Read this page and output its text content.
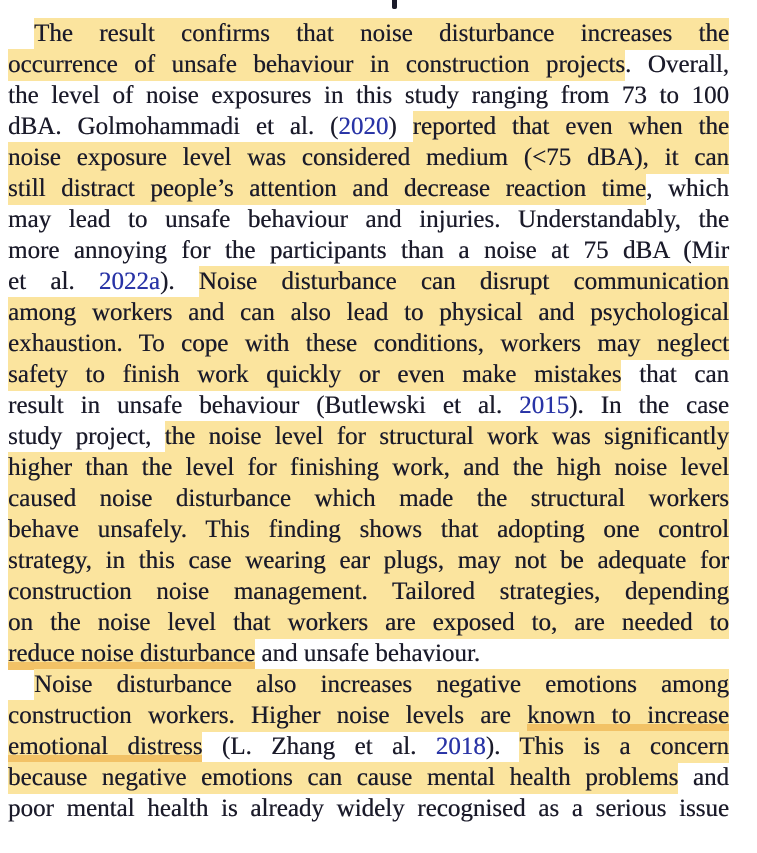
The result confirms that noise disturbance increases the
occurrence of unsafe behaviour in construction projects. Overall,
the level of noise exposures in this study ranging from 73 to 100
dBA. Golmohammadi et al. (2020) reported that even when the
noise exposure level was considered medium (<75 dBA), it can
still distract people’s attention and decrease reaction time, which
may lead to unsafe behaviour and injuries. Understandably, the
more annoying for the participants than a noise at 75 dBA (Mir
et al. 2022a). Noise disturbance can disrupt communication
among workers and can also lead to physical and psychological
exhaustion. To cope with these conditions, workers may neglect
safety to finish work quickly or even make mistakes that can
result in unsafe behaviour (Butlewski et al. 2015). In the case
study project, the noise level for structural work was significantly
higher than the level for finishing work, and the high noise level
caused noise disturbance which made the structural workers
behave unsafely. This finding shows that adopting one control
strategy, in this case wearing ear plugs, may not be adequate for
construction noise management. Tailored strategies, depending
on the noise level that workers are exposed to, are needed to
reduce noise disturbance and unsafe behaviour.
Noise disturbance also increases negative emotions among
construction workers. Higher noise levels are known to increase
emotional distress (L. Zhang et al. 2018). This is a concern
because negative emotions can cause mental health problems and
poor mental health is already widely recognised as a serious issue
